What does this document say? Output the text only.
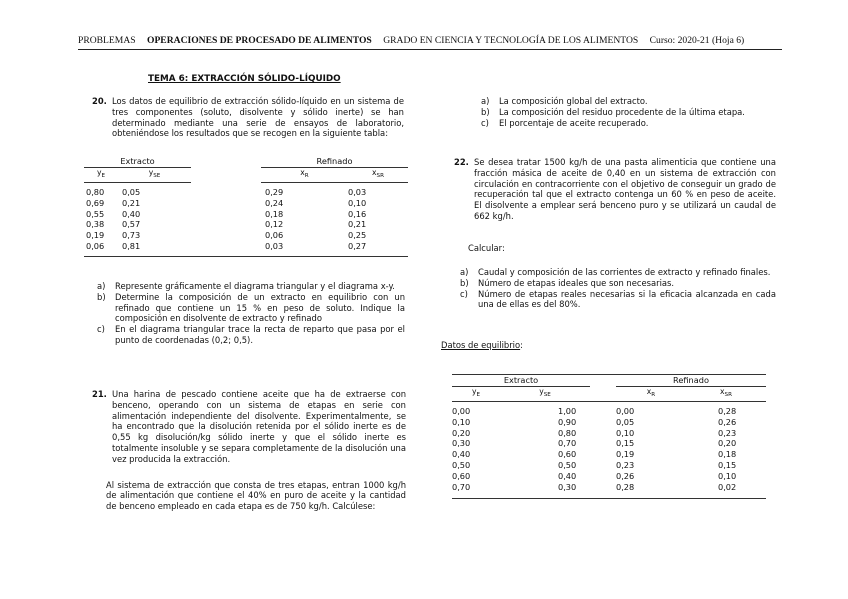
PROBLEMAS OPERACIONES DE PROCESADO DE ALIMENTOS GRADO EN CIENCIA Y TECNOLOGÍA DE LOS ALIMENTOS Curso: 2020-21 (Hoja 6)
TEMA 6: EXTRACCIÓN SÓLIDO-LÍQUIDO
20. Los datos de equilibrio de extracción sólido-líquido en un sistema de tres componentes (soluto, disolvente y sólido inerte) se han determinado mediante una serie de ensayos de laboratorio, obteniéndose los resultados que se recogen en la siguiente tabla:
Extracto			Refinado	
$y_E$	$y_{SE}$		$x_R$	$x_{SR}$

0,80	0,05		0,29	0,03
0,69	0,21		0,24	0,10
0,55	0,40		0,18	0,16
0,38	0,57		0,12	0,21
0,19	0,73		0,06	0,25
0,06	0,81		0,03	0,27

a) Represente gráficamente el diagrama triangular y el diagrama x-y.
b) Determine la composición de un extracto en equilibrio con un refinado que contiene un 15 % en peso de soluto. Indique la composición en disolvente de extracto y refinado
c) En el diagrama triangular trace la recta de reparto que pasa por el punto de coordenadas (0,2; 0,5).
21. Una harina de pescado contiene aceite que ha de extraerse con benceno, operando con un sistema de etapas en serie con alimentación independiente del disolvente. Experimentalmente, se ha encontrado que la disolución retenida por el sólido inerte es de 0,55 kg disolución/kg sólido inerte y que el sólido inerte es totalmente insoluble y se separa completamente de la disolución una vez producida la extracción.
Al sistema de extracción que consta de tres etapas, entran 1000 kg/h de alimentación que contiene el 40% en puro de aceite y la cantidad de benceno empleado en cada etapa es de 750 kg/h. Calcúlese:
a) La composición global del extracto.
b) La composición del residuo procedente de la última etapa.
c) El porcentaje de aceite recuperado.
22. Se desea tratar 1500 kg/h de una pasta alimenticia que contiene una fracción másica de aceite de 0,40 en un sistema de extracción con circulación en contracorriente con el objetivo de conseguir un grado de recuperación tal que el extracto contenga un 60 % en peso de aceite. El disolvente a emplear será benceno puro y se utilizará un caudal de 662 kg/h.
Calcular:
a) Caudal y composición de las corrientes de extracto y refinado finales.
b) Número de etapas ideales que son necesarias.
c) Número de etapas reales necesarias si la eficacia alcanzada en cada una de ellas es del 80%.
Datos de equilibrio:
Extracto			Refinado	
$y_E$	$y_{SE}$		$x_R$	$x_{SR}$

0,00	1,00		0,00	0,28
0,10	0,90		0,05	0,26
0,20	0,80		0,10	0,23
0,30	0,70		0,15	0,20
0,40	0,60		0,19	0,18
0,50	0,50		0,23	0,15
0,60	0,40		0,26	0,10
0,70	0,30		0,28	0,02
